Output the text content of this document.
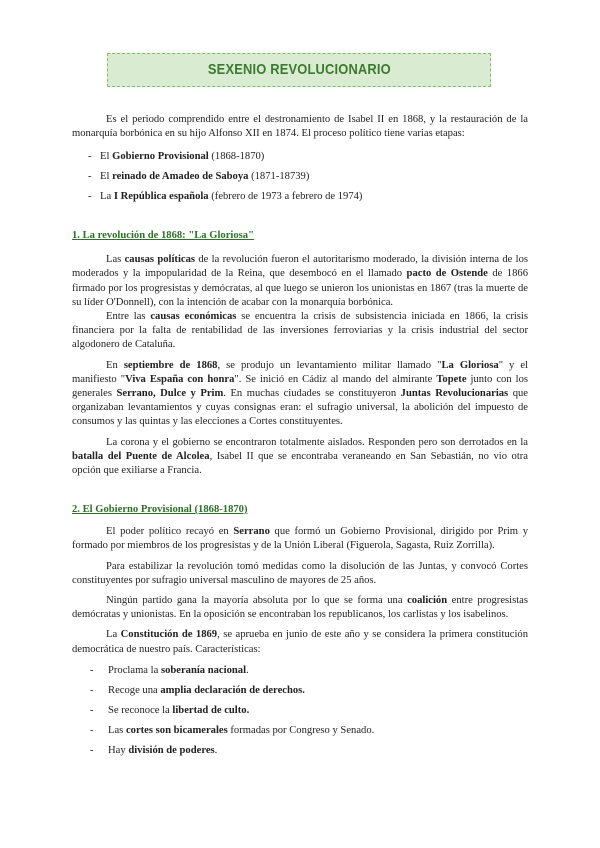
SEXENIO REVOLUCIONARIO

Es el periodo comprendido entre el destronamiento de Isabel II en 1868, y la restauración de la monarquía borbónica en su hijo Alfonso XII en 1874. El proceso político tiene varias etapas:

- El Gobierno Provisional (1868-1870)
- El reinado de Amadeo de Saboya (1871-18739)
- La I República española (febrero de 1973 a febrero de 1974)
1. La revolución de 1868: "La Gloriosa"

Las causas políticas de la revolución fueron el autoritarismo moderado, la división interna de los moderados y la impopularidad de la Reina, que desembocó en el llamado pacto de Ostende de 1866 firmado por los progresistas y demócratas, al que luego se unieron los unionistas en 1867 (tras la muerte de su líder O'Donnell), con la intención de acabar con la monarquía borbónica.

Entre las causas económicas se encuentra la crisis de subsistencia iniciada en 1866, la crisis financiera por la falta de rentabilidad de las inversiones ferroviarias y la crisis industrial del sector algodonero de Cataluña.

En septiembre de 1868, se produjo un levantamiento militar llamado "La Gloriosa" y el manifiesto "Viva España con honra". Se inició en Cádiz al mando del almirante Topete junto con los generales Serrano, Dulce y Prim. En muchas ciudades se constituyeron Juntas Revolucionarias que organizaban levantamientos y cuyas consignas eran: el sufragio universal, la abolición del impuesto de consumos y las quintas y las elecciones a Cortes constituyentes.

La corona y el gobierno se encontraron totalmente aislados. Responden pero son derrotados en la batalla del Puente de Alcolea, Isabel II que se encontraba veraneando en San Sebastián, no vio otra opción que exiliarse a Francia.

2. El Gobierno Provisional (1868-1870)

El poder político recayó en Serrano que formó un Gobierno Provisional, dirigido por Prim y formado por miembros de los progresistas y de la Unión Liberal (Figuerola, Sagasta, Ruiz Zorrilla).

Para estabilizar la revolución tomó medidas como la disolución de las Juntas, y convocó Cortes constituyentes por sufragio universal masculino de mayores de 25 años.

Ningún partido gana la mayoría absoluta por lo que se forma una coalición entre progresistas demócratas y unionistas. En la oposición se encontraban los republicanos, los carlistas y los isabelinos.

La Constitución de 1869, se aprueba en junio de este año y se considera la primera constitución democrática de nuestro país. Características:

- Proclama la soberanía nacional.
- Recoge una amplia declaración de derechos.
- Se reconoce la libertad de culto.
- Las cortes son bicamerales formadas por Congreso y Senado.
- Hay división de poderes.
